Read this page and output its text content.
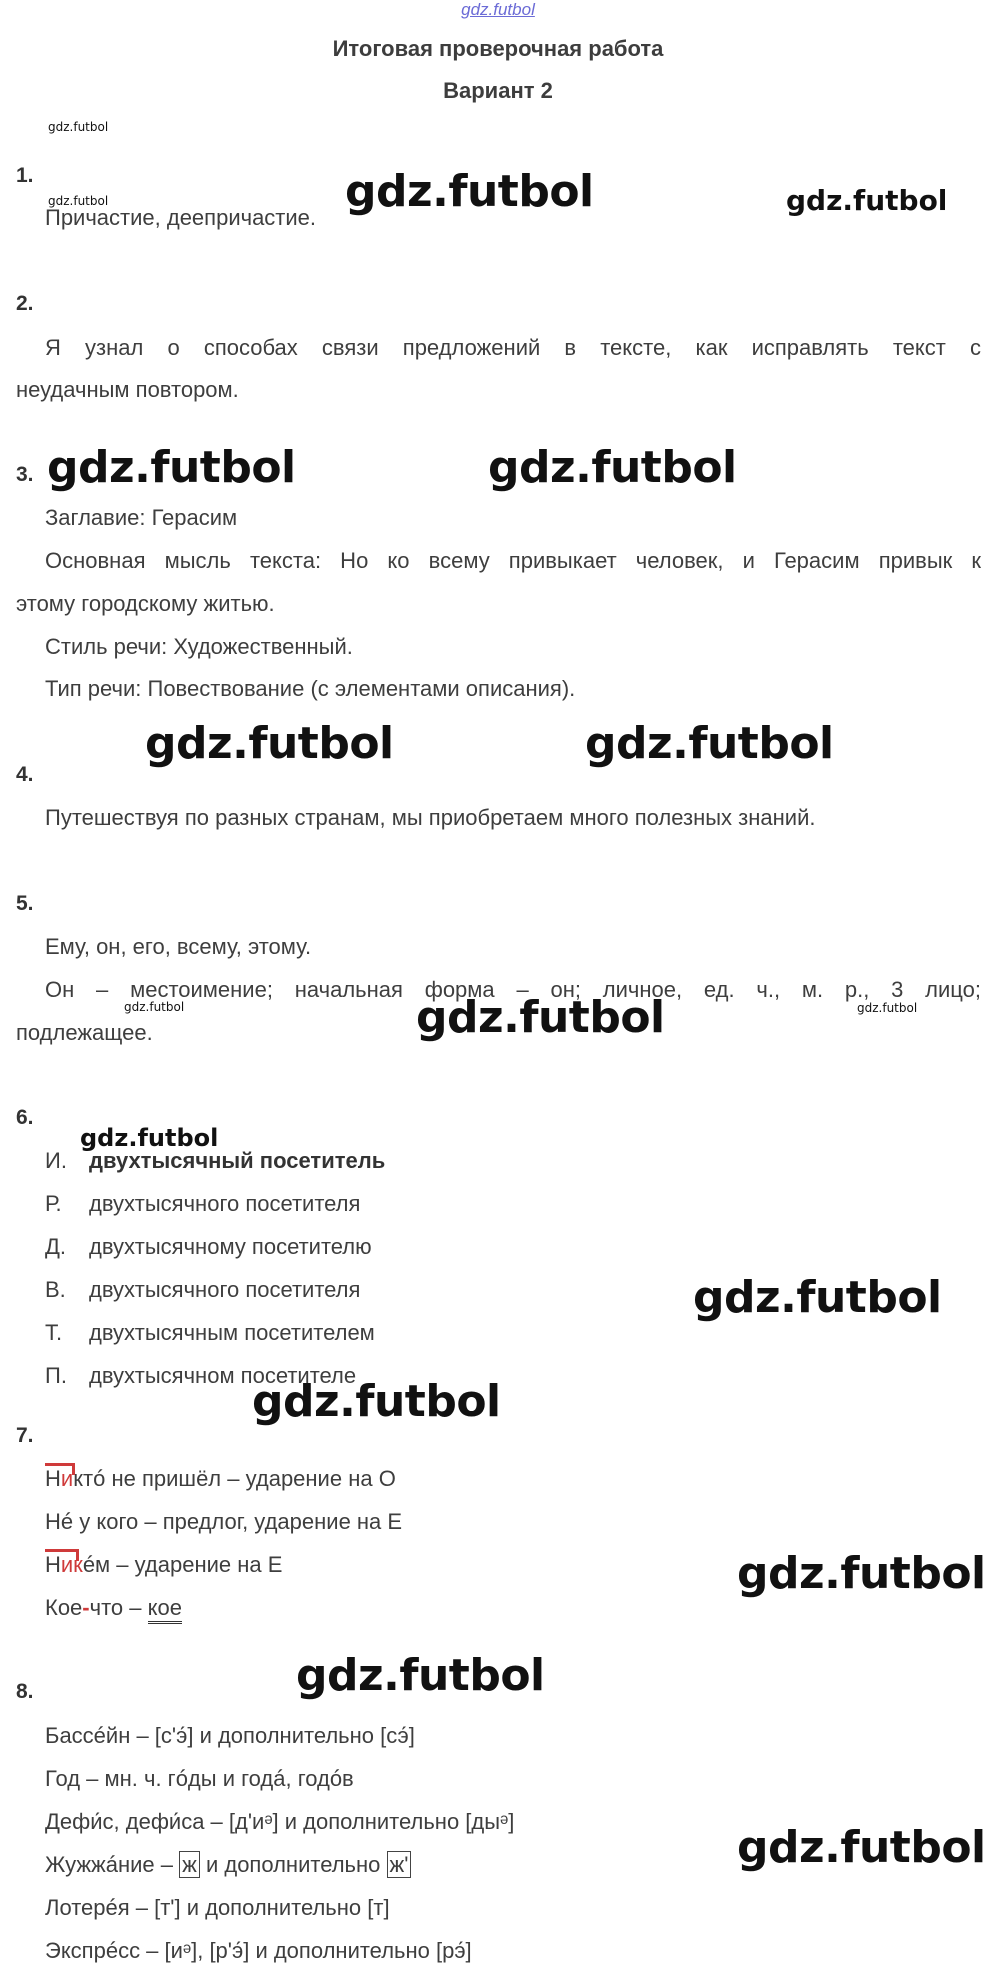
gdz.futbol
Итоговая проверочная работа
Вариант 2
gdz.futbol
gdz.futbol	gdz.futbol	gdz.futbol
gdz.futbol	gdz.futbol
gdz.futbol	gdz.futbol
gdz.futbol	gdz.futbol
gdz.futbol
gdz.futbol
gdz.futbol
gdz.futbol
gdz.futbol
gdz.futbol
gdz.futbol
1.
Причастие, деепричастие.
2.
Я узнал о способах связи предложений в тексте, как исправлять текст с
неудачным повтором.
3.
Заглавие: Герасим
Основная мысль текста: Но ко всему привыкает человек, и Герасим привык к
этому городскому житью.
Стиль речи: Художественный.
Тип речи: Повествование (с элементами описания).
4.
Путешествуя по разных странам, мы приобретаем много полезных знаний.
5.
Ему, он, его, всему, этому.
Он – местоимение; начальная форма – он; личное, ед. ч., м. р., 3 лицо;
подлежащее.
6.
И. двухтысячный посетитель
Р. двухтысячного посетителя
Д. двухтысячному посетителю
В. двухтысячного посетителя
Т. двухтысячным посетителем
П. двухтысячном посетителе
7.
Никтó не пришёл – ударение на О
Нé у кого – предлог, ударение на Е
Никéм – ударение на Е
Кое-что – кое
8.
Бассéйн – [с'э́] и дополнительно [сэ́]
Год – мн. ч. гóды и годá, годóв
Дефи́с, дефи́са – [д'иᵊ] и дополнительно [дыᵊ]
Жужжáние – ж и дополнительно ж'
Лотерéя – [т'] и дополнительно [т]
Экспрéсс – [иᵊ], [р'э́] и дополнительно [рэ́]
